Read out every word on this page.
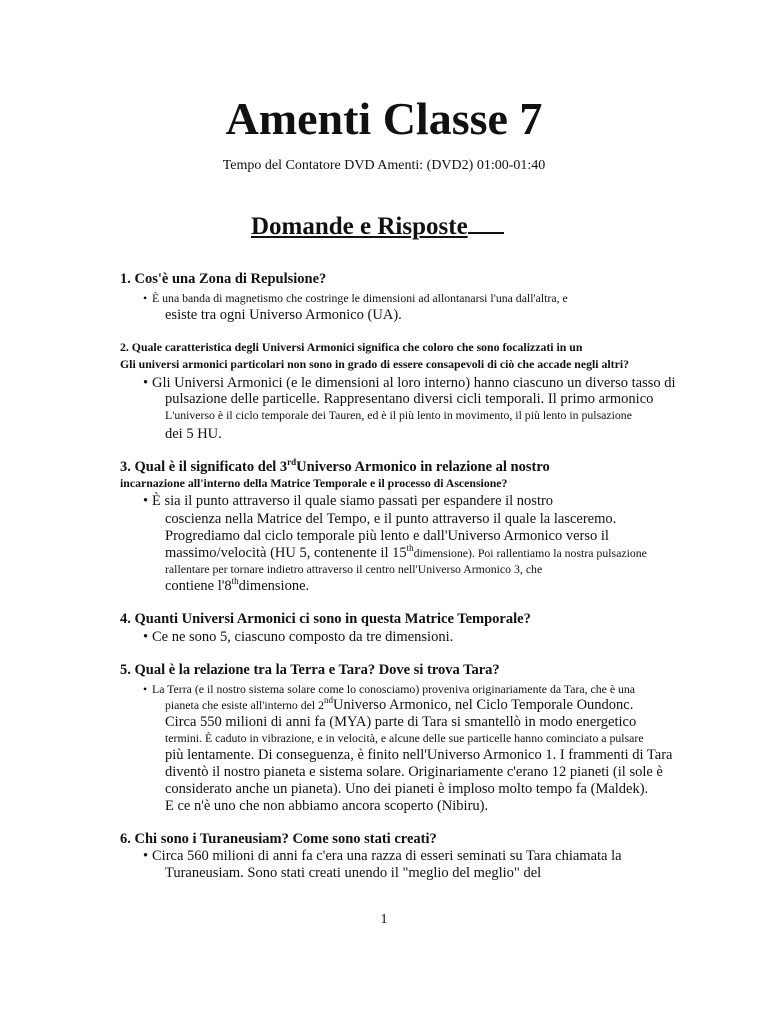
Amenti Classe 7
Tempo del Contatore DVD Amenti: (DVD2) 01:00-01:40
Domande e Risposte
1. Cos'è una Zona di Repulsione?
• È una banda di magnetismo che costringe le dimensioni ad allontanarsi l'una dall'altra, e
esiste tra ogni Universo Armonico (UA).
2. Quale caratteristica degli Universi Armonici significa che coloro che sono focalizzati in un
Gli universi armonici particolari non sono in grado di essere consapevoli di ciò che accade negli altri?
• Gli Universi Armonici (e le dimensioni al loro interno) hanno ciascuno un diverso tasso di
pulsazione delle particelle. Rappresentano diversi cicli temporali. Il primo armonico
L'universo è il ciclo temporale dei Tauren, ed è il più lento in movimento, il più lento in pulsazione
dei 5 HU.
3. Qual è il significato del 3rdUniverso Armonico in relazione al nostro
incarnazione all'interno della Matrice Temporale e il processo di Ascensione?
• È sia il punto attraverso il quale siamo passati per espandere il nostro
coscienza nella Matrice del Tempo, e il punto attraverso il quale la lasceremo.
Progrediamo dal ciclo temporale più lento e dall'Universo Armonico verso il
massimo/velocità (HU 5, contenente il 15thdimensione). Poi rallentiamo la nostra pulsazione
rallentare per tornare indietro attraverso il centro nell'Universo Armonico 3, che
contiene l'8thdimensione.
4. Quanti Universi Armonici ci sono in questa Matrice Temporale?
• Ce ne sono 5, ciascuno composto da tre dimensioni.
5. Qual è la relazione tra la Terra e Tara? Dove si trova Tara?
• La Terra (e il nostro sistema solare come lo conosciamo) proveniva originariamente da Tara, che è una
pianeta che esiste all'interno del 2ndUniverso Armonico, nel Ciclo Temporale Oundonc.
Circa 550 milioni di anni fa (MYA) parte di Tara si smantellò in modo energetico
termini. È caduto in vibrazione, e in velocità, e alcune delle sue particelle hanno cominciato a pulsare
più lentamente. Di conseguenza, è finito nell'Universo Armonico 1. I frammenti di Tara
diventò il nostro pianeta e sistema solare. Originariamente c'erano 12 pianeti (il sole è
considerato anche un pianeta). Uno dei pianeti è imploso molto tempo fa (Maldek).
E ce n'è uno che non abbiamo ancora scoperto (Nibiru).
6. Chi sono i Turaneusiam? Come sono stati creati?
• Circa 560 milioni di anni fa c'era una razza di esseri seminati su Tara chiamata la
Turaneusiam. Sono stati creati unendo il "meglio del meglio" del
1
